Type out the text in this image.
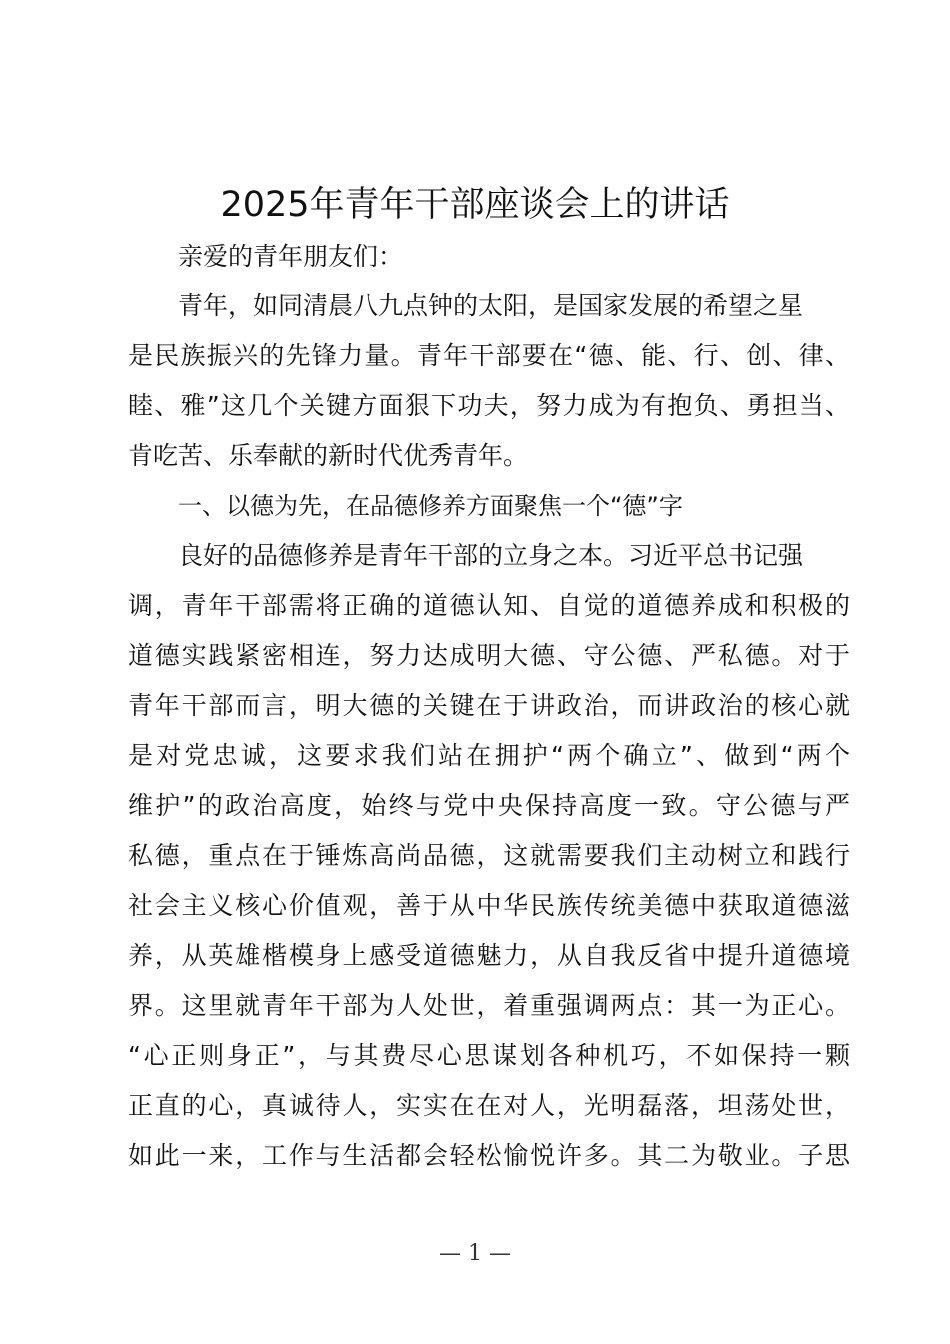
2025年青年干部座谈会上的讲话
亲爱的青年朋友们：
青年，如同清晨八九点钟的太阳，是国家发展的希望之星
是民族振兴的先锋力量。青年干部要在“德、能、行、创、律、
睦、雅”这几个关键方面狠下功夫，努力成为有抱负、勇担当、
肯吃苦、乐奉献的新时代优秀青年。
一、以德为先，在品德修养方面聚焦一个“德”字
良好的品德修养是青年干部的立身之本。习近平总书记强
调，青年干部需将正确的道德认知、自觉的道德养成和积极的
道德实践紧密相连，努力达成明大德、守公德、严私德。对于
青年干部而言，明大德的关键在于讲政治，而讲政治的核心就
是对党忠诚，这要求我们站在拥护“两个确立”、做到“两个
维护”的政治高度，始终与党中央保持高度一致。守公德与严
私德，重点在于锤炼高尚品德，这就需要我们主动树立和践行
社会主义核心价值观，善于从中华民族传统美德中获取道德滋
养，从英雄楷模身上感受道德魅力，从自我反省中提升道德境
界。这里就青年干部为人处世，着重强调两点：其一为正心。
“心正则身正”，与其费尽心思谋划各种机巧，不如保持一颗
正直的心，真诚待人，实实在在对人，光明磊落，坦荡处世，
如此一来，工作与生活都会轻松愉悦许多。其二为敬业。子思
— 1 —
